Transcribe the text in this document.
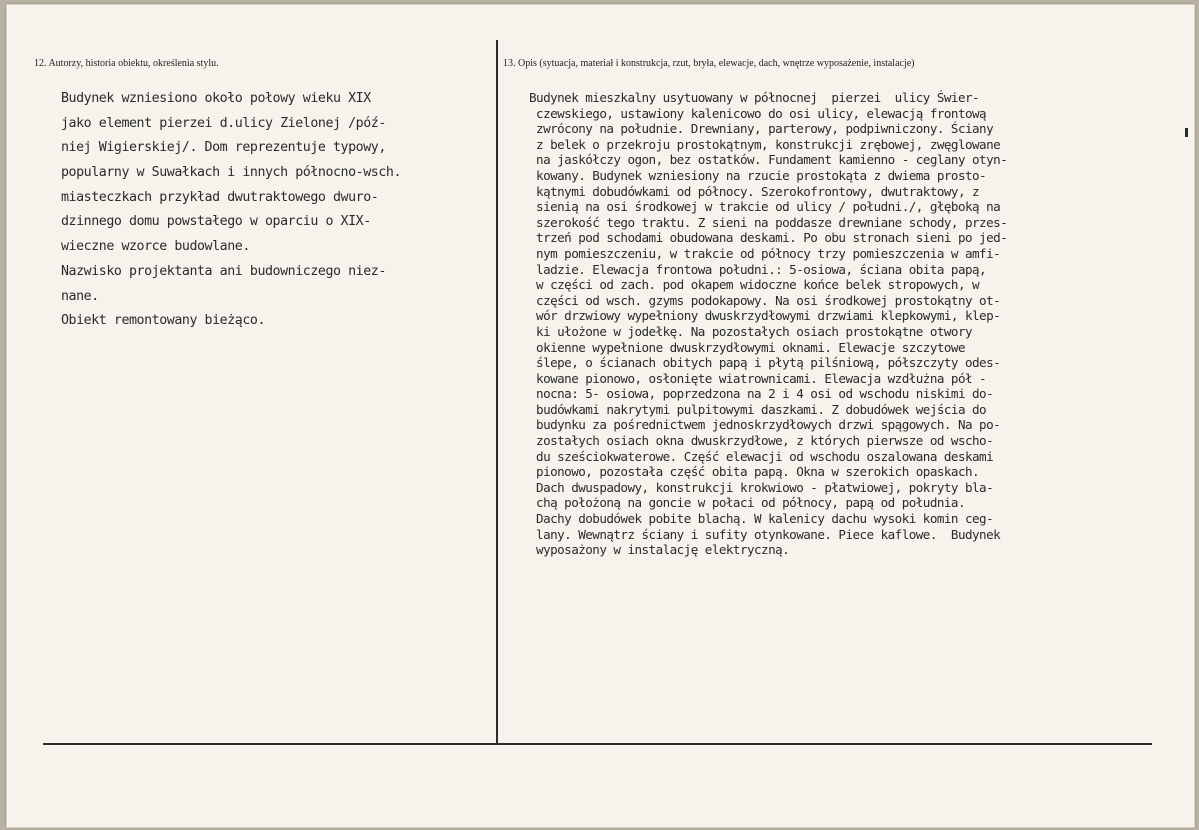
12. Autorzy, historia obiektu, określenia stylu.	13. Opis (sytuacja, materiał i konstrukcja, rzut, bryła, elewacje, dach, wnętrze wyposażenie, instalacje)

Budynek wzniesiono około połowy wieku XIX
jako element pierzei d.ulicy Zielonej /póź-
niej Wigierskiej/. Dom reprezentuje typowy,
popularny w Suwałkach i innych północno-wsch.
miasteczkach przykład dwutraktowego dwuro-
dzinnego domu powstałego w oparciu o XIX-
wieczne wzorce budowlane.
Nazwisko projektanta ani budowniczego niez-
nane.
Obiekt remontowany bieżąco.
Budynek mieszkalny usytuowany w północnej  pierzei  ulicy Świer-
czewskiego, ustawiony kalenicowo do osi ulicy, elewacją frontową
zwrócony na południe. Drewniany, parterowy, podpiwniczony. Ściany
z belek o przekroju prostokątnym, konstrukcji zrębowej, zwęglowane
na jaskółczy ogon, bez ostatków. Fundament kamienno - ceglany otyn-
kowany. Budynek wzniesiony na rzucie prostokąta z dwiema prosto-
kątnymi dobudówkami od północy. Szerokofrontowy, dwutraktowy, z
sienią na osi środkowej w trakcie od ulicy / południ./, głęboką na
szerokość tego traktu. Z sieni na poddasze drewniane schody, przes-
trzeń pod schodami obudowana deskami. Po obu stronach sieni po jed-
nym pomieszczeniu, w trakcie od północy trzy pomieszczenia w amfi-
ladzie. Elewacja frontowa południ.: 5-osiowa, ściana obita papą,
w części od zach. pod okapem widoczne końce belek stropowych, w
części od wsch. gzyms podokapowy. Na osi środkowej prostokątny ot-
wór drzwiowy wypełniony dwuskrzydłowymi drzwiami klepkowymi, klep-
ki ułożone w jodełkę. Na pozostałych osiach prostokątne otwory
okienne wypełnione dwuskrzydłowymi oknami. Elewacje szczytowe
ślepe, o ścianach obitych papą i płytą pilśniową, półszczyty odes-
kowane pionowo, osłonięte wiatrownicami. Elewacja wzdłużna pół -
nocna: 5- osiowa, poprzedzona na 2 i 4 osi od wschodu niskimi do-
budówkami nakrytymi pulpitowymi daszkami. Z dobudówek wejścia do
budynku za pośrednictwem jednoskrzydłowych drzwi spągowych. Na po-
zostałych osiach okna dwuskrzydłowe, z których pierwsze od wscho-
du sześciokwaterowe. Część elewacji od wschodu oszalowana deskami
pionowo, pozostała część obita papą. Okna w szerokich opaskach.
Dach dwuspadowy, konstrukcji krokwiowo - płatwiowej, pokryty bla-
chą położoną na goncie w połaci od północy, papą od południa.
Dachy dobudówek pobite blachą. W kalenicy dachu wysoki komin ceg-
lany. Wewnątrz ściany i sufity otynkowane. Piece kaflowe.  Budynek
wyposażony w instalację elektryczną.
